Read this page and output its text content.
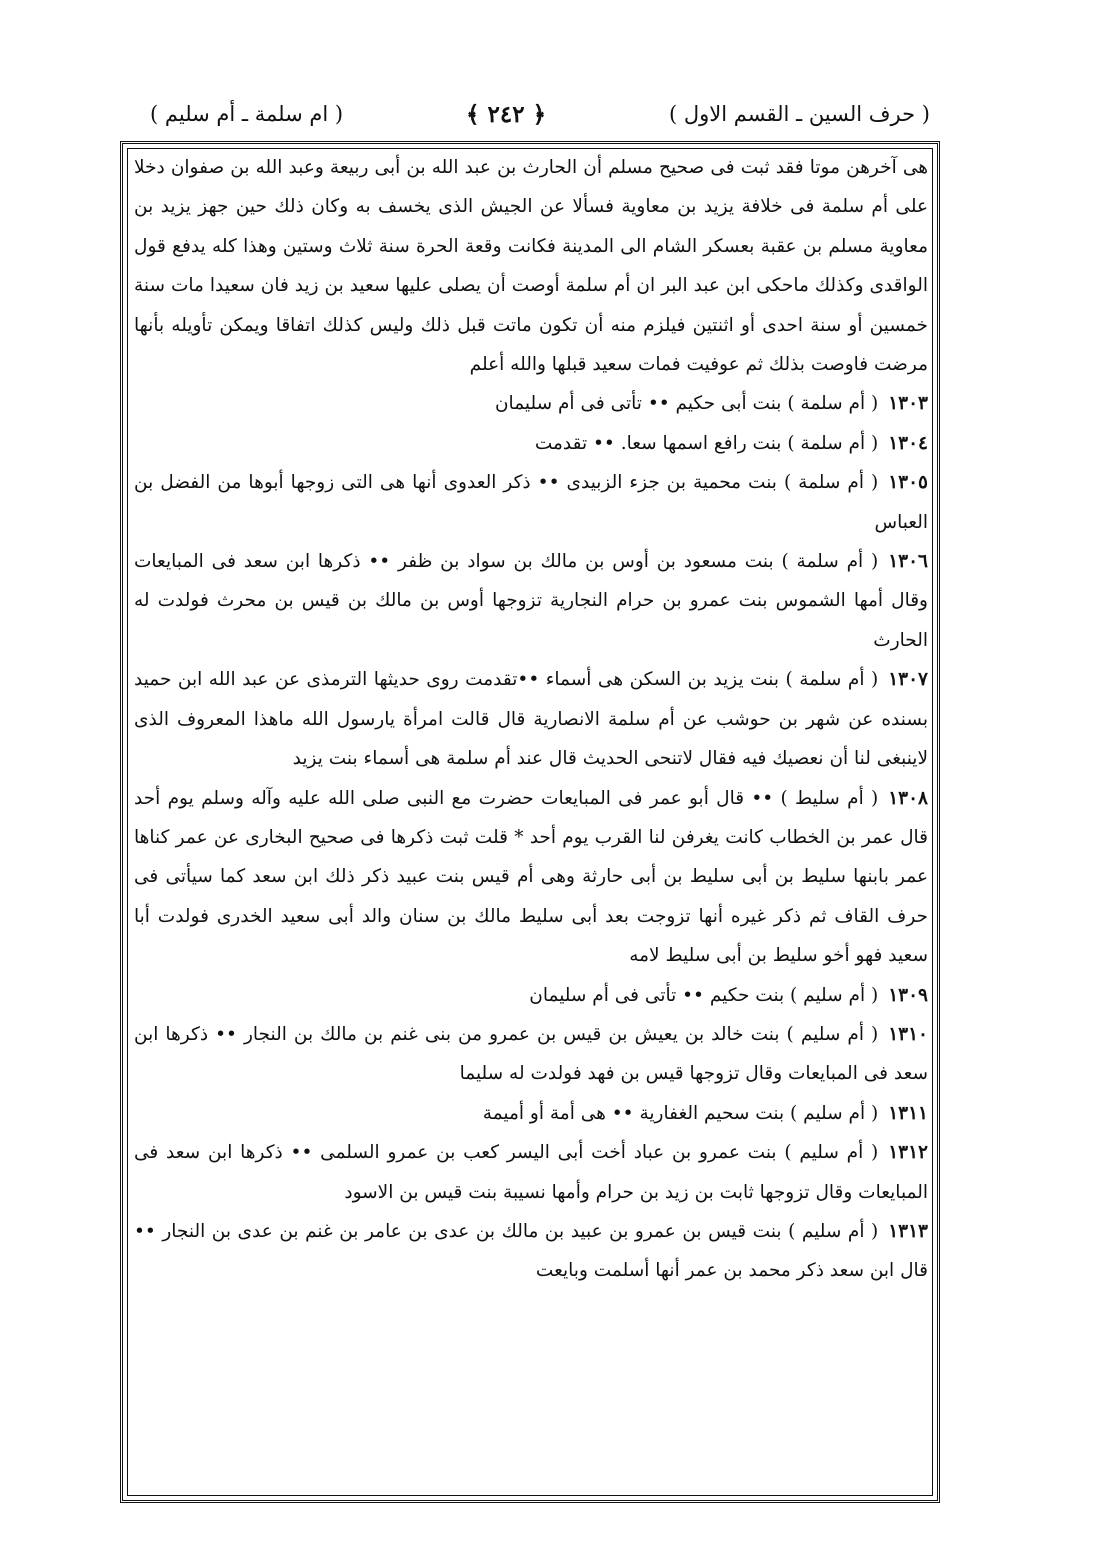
( حرف السين ـ القسم الاول )
﴿ ٢٤٢ ﴾
( ام سلمة ـ أم سليم )

هى آخرهن موتا فقد ثبت فى صحيح مسلم أن الحارث بن عبد الله بن أبى ربيعة وعبد الله بن صفوان دخلا على أم سلمة فى خلافة يزيد بن معاوية فسألا عن الجيش الذى يخسف به وكان ذلك حين جهز يزيد بن معاوية مسلم بن عقبة بعسكر الشام الى المدينة فكانت وقعة الحرة سنة ثلاث وستين وهذا كله يدفع قول الواقدى وكذلك ماحكى ابن عبد البر ان أم سلمة أوصت أن يصلى عليها سعيد بن زيد فان سعيدا مات سنة خمسين أو سنة احدى أو اثنتين فيلزم منه أن تكون ماتت قبل ذلك وليس كذلك اتفاقا ويمكن تأويله بأنها مرضت فاوصت بذلك ثم عوفيت فمات سعيد قبلها والله أعلم

١٣٠٣( أم سلمة ) بنت أبى حكيم •• تأتى فى أم سليمان

١٣٠٤( أم سلمة ) بنت رافع اسمها سعا. •• تقدمت

١٣٠٥( أم سلمة ) بنت محمية بن جزء الزبيدى •• ذكر العدوى أنها هى التى زوجها أبوها من الفضل بن العباس

١٣٠٦( أم سلمة ) بنت مسعود بن أوس بن مالك بن سواد بن ظفر •• ذكرها ابن سعد فى المبايعات وقال أمها الشموس بنت عمرو بن حرام النجارية تزوجها أوس بن مالك بن قيس بن محرث فولدت له الحارث

١٣٠٧( أم سلمة ) بنت يزيد بن السكن هى أسماء ••تقدمت روى حديثها الترمذى عن عبد الله ابن حميد بسنده عن شهر بن حوشب عن أم سلمة الانصارية قال قالت امرأة يارسول الله ماهذا المعروف الذى لاينبغى لنا أن نعصيك فيه فقال لاتنحى الحديث قال عند أم سلمة هى أسماء بنت يزيد

١٣٠٨( أم سليط ) •• قال أبو عمر فى المبايعات حضرت مع النبى صلى الله عليه وآله وسلم يوم أحد قال عمر بن الخطاب كانت يغرفن لنا القرب يوم أحد * قلت ثبت ذكرها فى صحيح البخارى عن عمر كناها عمر بابنها سليط بن أبى سليط بن أبى حارثة وهى أم قيس بنت عبيد ذكر ذلك ابن سعد كما سيأتى فى حرف القاف ثم ذكر غيره أنها تزوجت بعد أبى سليط مالك بن سنان والد أبى سعيد الخدرى فولدت أبا سعيد فهو أخو سليط بن أبى سليط لامه

١٣٠٩( أم سليم ) بنت حكيم •• تأتى فى أم سليمان

١٣١٠( أم سليم ) بنت خالد بن يعيش بن قيس بن عمرو من بنى غنم بن مالك بن النجار •• ذكرها ابن سعد فى المبايعات وقال تزوجها قيس بن فهد فولدت له سليما

١٣١١( أم سليم ) بنت سحيم الغفارية •• هى أمة أو أميمة

١٣١٢( أم سليم ) بنت عمرو بن عباد أخت أبى اليسر كعب بن عمرو السلمى •• ذكرها ابن سعد فى المبايعات وقال تزوجها ثابت بن زيد بن حرام وأمها نسيبة بنت قيس بن الاسود

١٣١٣( أم سليم ) بنت قيس بن عمرو بن عبيد بن مالك بن عدى بن عامر بن غنم بن عدى بن النجار •• قال ابن سعد ذكر محمد بن عمر أنها أسلمت وبايعت
